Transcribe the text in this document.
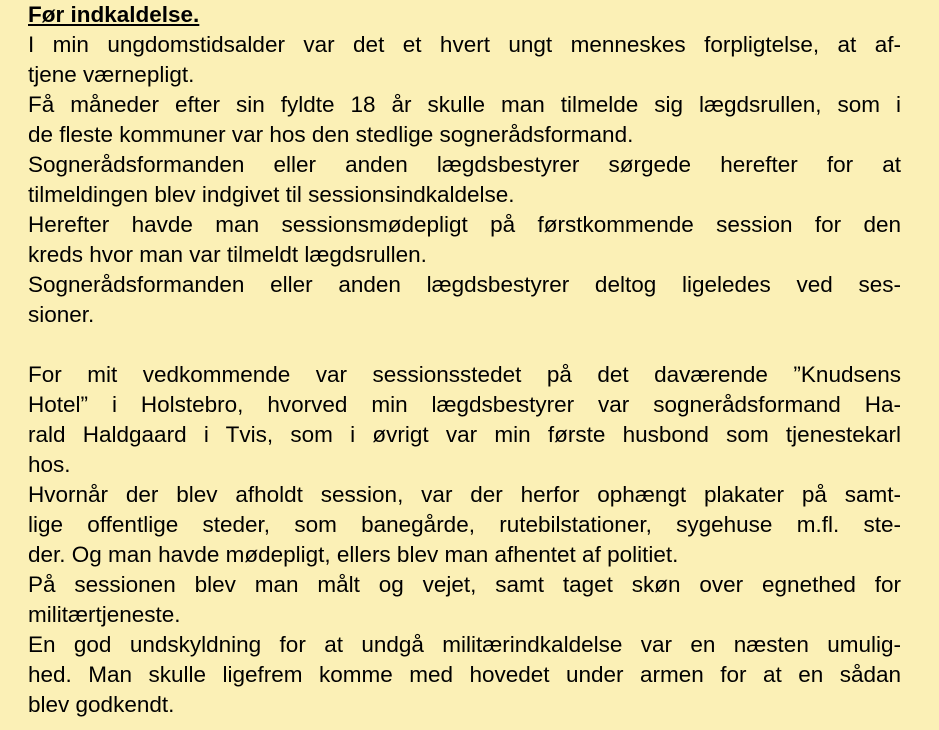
Før indkaldelse.
I min ungdomstidsalder var det et hvert ungt menneskes forpligtelse, at af-
tjene værnepligt.
Få måneder efter sin fyldte 18 år skulle man tilmelde sig lægdsrullen, som i
de fleste kommuner var hos den stedlige sognerådsformand.
Sognerådsformanden eller anden lægdsbestyrer sørgede herefter for at
tilmeldingen blev indgivet til sessionsindkaldelse.
Herefter havde man sessionsmødepligt på førstkommende session for den
kreds hvor man var tilmeldt lægdsrullen.
Sognerådsformanden eller anden lægdsbestyrer deltog ligeledes ved ses-
sioner.
For mit vedkommende var sessionsstedet på det daværende ”Knudsens
Hotel” i Holstebro, hvorved min lægdsbestyrer var sognerådsformand Ha-
rald Haldgaard i Tvis, som i øvrigt var min første husbond som tjenestekarl
hos.
Hvornår der blev afholdt session, var der herfor ophængt plakater på samt-
lige offentlige steder, som banegårde, rutebilstationer, sygehuse m.fl. ste-
der. Og man havde mødepligt, ellers blev man afhentet af politiet.
På sessionen blev man målt og vejet, samt taget skøn over egnethed for
militærtjeneste.
En god undskyldning for at undgå militærindkaldelse var en næsten umulig-
hed. Man skulle ligefrem komme med hovedet under armen for at en sådan
blev godkendt.
